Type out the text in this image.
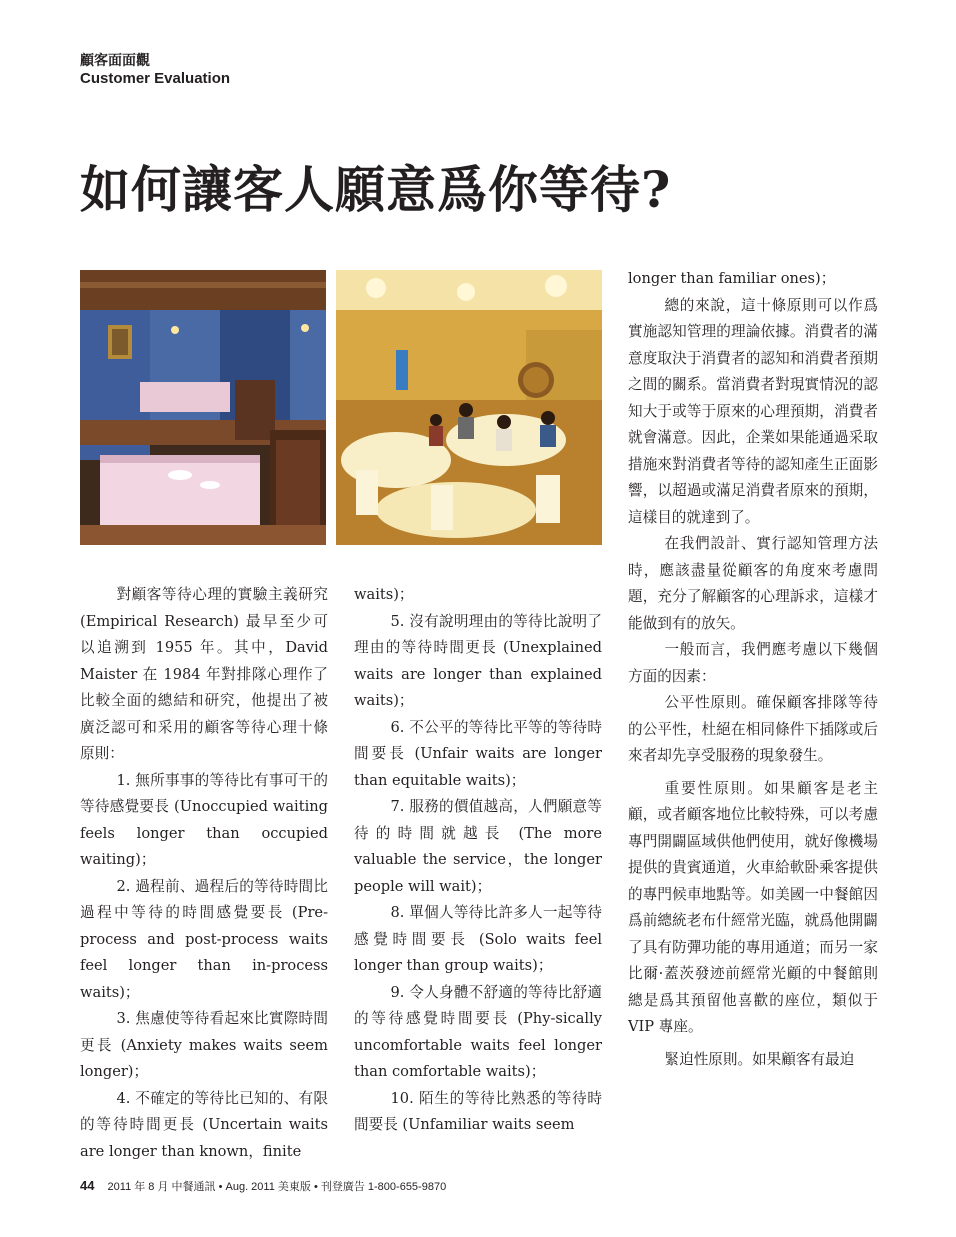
顧客面面觀
Customer Evaluation
如何讓客人願意爲你等待?

對顧客等待心理的實驗主義研究 (Empirical Research) 最早至少可以追溯到 1955 年。其中，David Maister 在 1984 年對排隊心理作了比較全面的總結和研究，他提出了被廣泛認可和采用的顧客等待心理十條原則：

1. 無所事事的等待比有事可干的等待感覺要長 (Unoccupied waiting feels longer than occupied waiting)；

2. 過程前、過程后的等待時間比過程中等待的時間感覺要長 (Pre-process and post-process waits feel longer than in-process waits)；

3. 焦慮使等待看起來比實際時間更長 (Anxiety makes waits seem longer)；

4. 不確定的等待比已知的、有限的等待時間更長 (Uncertain waits are longer than known，finite

waits)；

5. 沒有說明理由的等待比說明了理由的等待時間更長 (Unexplained waits are longer than explained waits)；

6. 不公平的等待比平等的等待時間要長 (Unfair waits are longer than equitable waits)；

7. 服務的價值越高，人們願意等待的時間就越長 (The more valuable the service，the longer people will wait)；

8. 單個人等待比許多人一起等待感覺時間要長 (Solo waits feel longer than group waits)；

9. 令人身體不舒適的等待比舒適的等待感覺時間要長 (Phy-sically uncomfortable waits feel longer than comfortable waits)；

10. 陌生的等待比熟悉的等待時間要長 (Unfamiliar waits seem

longer than familiar ones)；

總的來說，這十條原則可以作爲實施認知管理的理論依據。消費者的滿意度取決于消費者的認知和消費者預期之間的關系。當消費者對現實情況的認知大于或等于原來的心理預期，消費者就會滿意。因此，企業如果能通過采取措施來對消費者等待的認知產生正面影響，以超過或滿足消費者原來的預期，這樣目的就達到了。

在我們設計、實行認知管理方法時，應該盡量從顧客的角度來考慮問題，充分了解顧客的心理訴求，這樣才能做到有的放矢。

一般而言，我們應考慮以下幾個方面的因素：

公平性原則。確保顧客排隊等待的公平性，杜絕在相同條件下插隊或后來者却先享受服務的現象發生。

重要性原則。如果顧客是老主顧，或者顧客地位比較特殊，可以考慮專門開闢區域供他們使用，就好像機場提供的貴賓通道，火車給軟卧乘客提供的專門候車地點等。如美國一中餐館因爲前總統老布什經常光臨，就爲他開闢了具有防彈功能的專用通道；而另一家比爾·蓋茨發迹前經常光顧的中餐館則總是爲其預留他喜歡的座位，類似于 VIP 專座。

緊迫性原則。如果顧客有最迫

44 2011 年 8 月 中餐通訊 • Aug. 2011 美東版 • 刊登廣告 1-800-655-9870
